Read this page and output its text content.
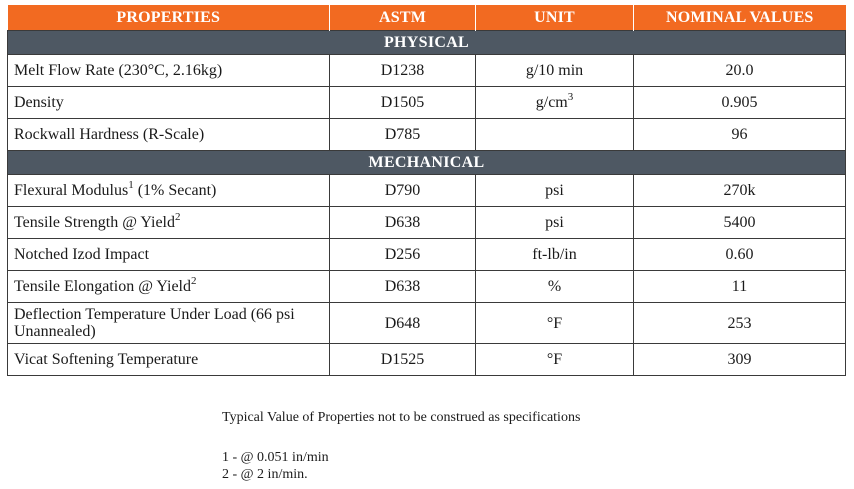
PROPERTIES	ASTM	UNIT	NOMINAL VALUES
PHYSICAL			
Melt Flow Rate (230°C, 2.16kg)	D1238	g/10 min	20.0
Density	D1505	$g/cm^3$	0.905
Rockwall Hardness (R-Scale)	D785		96
MECHANICAL			
Flexural Modulus$^1$ (1% Secant)	D790	psi	270k
Tensile Strength @ Yield$^2$	D638	psi	5400
Notched Izod Impact	D256	ft-lb/in	0.60
Tensile Elongation @ Yield$^2$	D638	%	11
Deflection Temperature Under Load (66 psi Unannealed)	D648	°F	253
Vicat Softening Temperature	D1525	°F	309
Typical Value of Properties not to be construed as specifications
1 - @ 0.051 in/min
2 - @ 2 in/min.
